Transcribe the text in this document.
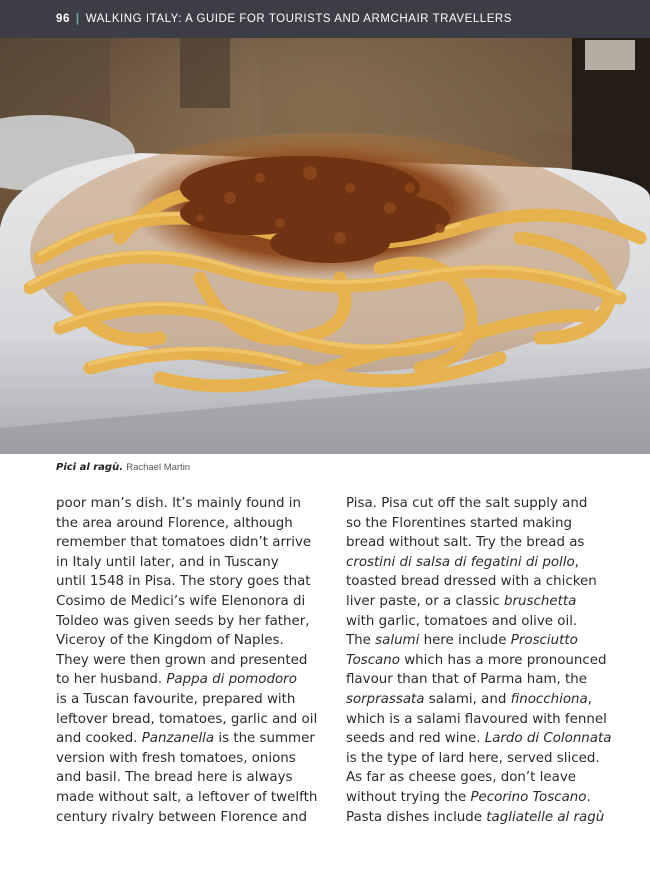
96 | WALKING ITALY: A GUIDE FOR TOURISTS AND ARMCHAIR TRAVELLERS
Pici al ragù. Rachael Martin
poor man’s dish. It’s mainly found in
the area around Florence, although
remember that tomatoes didn’t arrive
in Italy until later, and in Tuscany
until 1548 in Pisa. The story goes that
Cosimo de Medici’s wife Elenonora di
Toldeo was given seeds by her father,
Viceroy of the Kingdom of Naples.
They were then grown and presented
to her husband. Pappa di pomodoro
is a Tuscan favourite, prepared with
leftover bread, tomatoes, garlic and oil
and cooked. Panzanella is the summer
version with fresh tomatoes, onions
and basil. The bread here is always
made without salt, a leftover of twelfth
century rivalry between Florence and
Pisa. Pisa cut off the salt supply and
so the Florentines started making
bread without salt. Try the bread as
crostini di salsa di fegatini di pollo,
toasted bread dressed with a chicken
liver paste, or a classic bruschetta
with garlic, tomatoes and olive oil.
The salumi here include Prosciutto
Toscano which has a more pronounced
flavour than that of Parma ham, the
sorprassata salami, and finocchiona,
which is a salami flavoured with fennel
seeds and red wine. Lardo di Colonnata
is the type of lard here, served sliced.
As far as cheese goes, don’t leave
without trying the Pecorino Toscano.
Pasta dishes include tagliatelle al ragù
